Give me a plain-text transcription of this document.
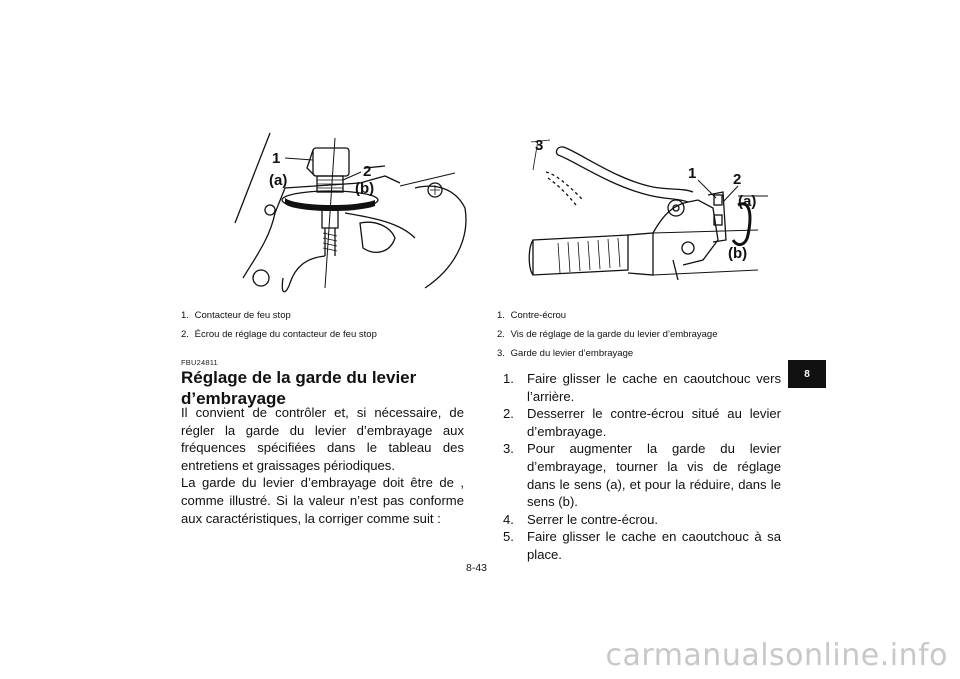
1
2
(a)	(b)
1. Contacteur de feu stop
2. Écrou de réglage du contacteur de feu stop
FBU24811
Réglage de la garde du levier
d’embrayage

Il convient de contrôler et, si nécessaire, de régler la garde du levier d’embrayage aux fréquences spécifiées dans le tableau des entretiens et graissages périodiques.

La garde du levier d’embrayage doit être de , comme illustré. Si la valeur n’est pas conforme aux caractéristiques, la corriger comme suit :

3
1 2
(a)
(b)
1. Contre-écrou
2. Vis de réglage de la garde du levier d’embrayage
3. Garde du levier d’embrayage
1. Faire glisser le cache en caoutchouc vers l’arrière.
2. Desserrer le contre-écrou situé au levier d’embrayage.
3. Pour augmenter la garde du levier d’embrayage, tourner la vis de réglage dans le sens (a), et pour la réduire, dans le sens (b).
4. Serrer le contre-écrou.
5. Faire glisser le cache en caoutchouc à sa place.
8
8-43
carmanualsonline.info
